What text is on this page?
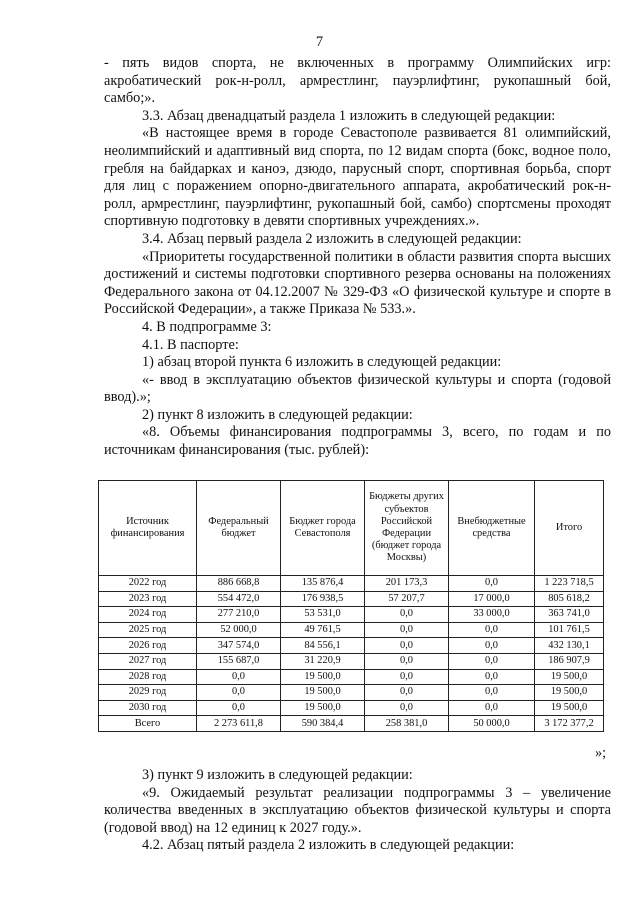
7

- пять видов спорта, не включенных в программу Олимпийских игр: акробатический рок-н-ролл, армрестлинг, пауэрлифтинг, рукопашный бой, самбо;».

3.3. Абзац двенадцатый раздела 1 изложить в следующей редакции:

«В настоящее время в городе Севастополе развивается 81 олимпийский, неолимпийский и адаптивный вид спорта, по 12 видам спорта (бокс, водное поло, гребля на байдарках и каноэ, дзюдо, парусный спорт, спортивная борьба, спорт для лиц с поражением опорно-двигательного аппарата, акробатический рок-н-ролл, армрестлинг, пауэрлифтинг, рукопашный бой, самбо) спортсмены проходят спортивную подготовку в девяти спортивных учреждениях.».

3.4. Абзац первый раздела 2 изложить в следующей редакции:

«Приоритеты государственной политики в области развития спорта высших достижений и системы подготовки спортивного резерва основаны на положениях Федерального закона от 04.12.2007 № 329-ФЗ «О физической культуре и спорте в Российской Федерации», а также Приказа № 533.».

4. В подпрограмме 3:

4.1. В паспорте:

1) абзац второй пункта 6 изложить в следующей редакции:

«- ввод в эксплуатацию объектов физической культуры и спорта (годовой ввод).»;

2) пункт 8 изложить в следующей редакции:

«8. Объемы финансирования подпрограммы 3, всего, по годам и по источникам финансирования (тыс. рублей):

Источник финансирования	Федеральный бюджет	Бюджет города Севастополя	Бюджеты других субъектов Российской Федерации (бюджет города Москвы)	Внебюджетные средства	Итого
2022 год	886 668,8	135 876,4	201 173,3	0,0	1 223 718,5
2023 год	554 472,0	176 938,5	57 207,7	17 000,0	805 618,2
2024 год	277 210,0	53 531,0	0,0	33 000,0	363 741,0
2025 год	52 000,0	49 761,5	0,0	0,0	101 761,5
2026 год	347 574,0	84 556,1	0,0	0,0	432 130,1
2027 год	155 687,0	31 220,9	0,0	0,0	186 907,9
2028 год	0,0	19 500,0	0,0	0,0	19 500,0
2029 год	0,0	19 500,0	0,0	0,0	19 500,0
2030 год	0,0	19 500,0	0,0	0,0	19 500,0
Всего	2 273 611,8	590 384,4	258 381,0	50 000,0	3 172 377,2
»;

3) пункт 9 изложить в следующей редакции:

«9. Ожидаемый результат реализации подпрограммы 3 – увеличение количества введенных в эксплуатацию объектов физической культуры и спорта (годовой ввод) на 12 единиц к 2027 году.».

4.2. Абзац пятый раздела 2 изложить в следующей редакции:
